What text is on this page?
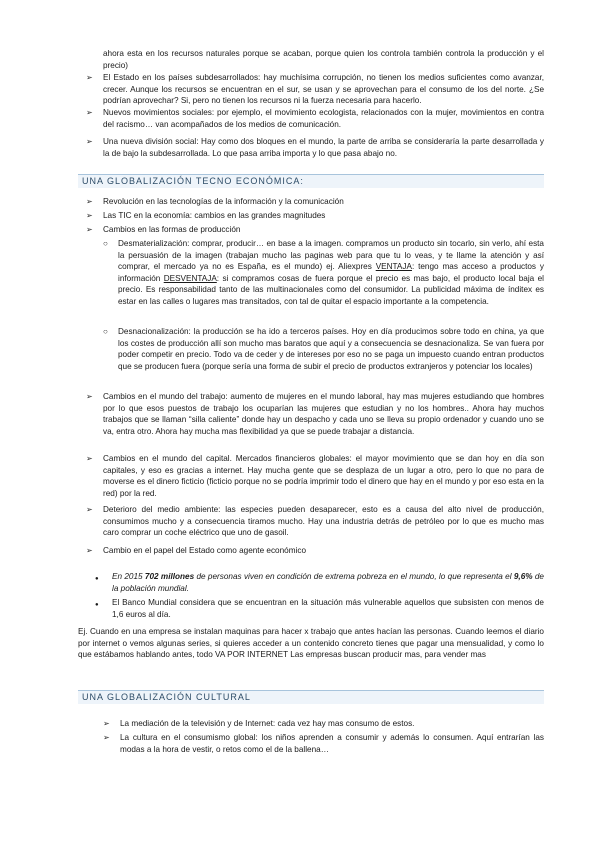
ahora esta en los recursos naturales porque se acaban, porque quien los controla también controla la producción y el precio)

➢ El Estado en los países subdesarrollados: hay muchísima corrupción, no tienen los medios suficientes como avanzar, crecer. Aunque los recursos se encuentran en el sur, se usan y se aprovechan para el consumo de los del norte. ¿Se podrían aprovechar? Si, pero no tienen los recursos ni la fuerza necesaria para hacerlo.

➢ Nuevos movimientos sociales: por ejemplo, el movimiento ecologista, relacionados con la mujer, movimientos en contra del racismo… van acompañados de los medios de comunicación.

➢ Una nueva división social: Hay como dos bloques en el mundo, la parte de arriba se consideraría la parte desarrollada y la de bajo la subdesarrollada. Lo que pasa arriba importa y lo que pasa abajo no.

UNA GLOBALIZACIÓN TECNO ECONÓMICA:
➢ Revolución en las tecnologías de la información y la comunicación

➢ Las TIC en la economía: cambios en las grandes magnitudes

➢ Cambios en las formas de producción

○ Desmaterialización: comprar, producir… en base a la imagen. compramos un producto sin tocarlo, sin verlo, ahí esta la persuasión de la imagen (trabajan mucho las paginas web para que tu lo veas, y te llame la atención y así comprar, el mercado ya no es España, es el mundo) ej. Aliexpres VENTAJA: tengo mas acceso a productos y información DESVENTAJA: si compramos cosas de fuera porque el precio es mas bajo, el producto local baja el precio. Es responsabilidad tanto de las multinacionales como del consumidor. La publicidad máxima de índitex es estar en las calles o lugares mas transitados, con tal de quitar el espacio importante a la competencia.

○ Desnacionalización: la producción se ha ido a terceros países. Hoy en día producimos sobre todo en china, ya que los costes de producción allí son mucho mas baratos que aquí y a consecuencia se desnacionaliza. Se van fuera por poder competir en precio. Todo va de ceder y de intereses por eso no se paga un impuesto cuando entran productos que se producen fuera (porque sería una forma de subir el precio de productos extranjeros y potenciar los locales)

➢ Cambios en el mundo del trabajo: aumento de mujeres en el mundo laboral, hay mas mujeres estudiando que hombres por lo que esos puestos de trabajo los ocuparían las mujeres que estudian y no los hombres.. Ahora hay muchos trabajos que se llaman “silla caliente” donde hay un despacho y cada uno se lleva su propio ordenador y cuando uno se va, entra otro. Ahora hay mucha mas flexibilidad ya que se puede trabajar a distancia.

➢ Cambios en el mundo del capital. Mercados financieros globales: el mayor movimiento que se dan hoy en día son capitales, y eso es gracias a internet. Hay mucha gente que se desplaza de un lugar a otro, pero lo que no para de moverse es el dinero ficticio (ficticio porque no se podría imprimir todo el dinero que hay en el mundo y por eso esta en la red) por la red.

➢ Deterioro del medio ambiente: las especies pueden desaparecer, esto es a causa del alto nivel de producción, consumimos mucho y a consecuencia tiramos mucho. Hay una industria detrás de petróleo por lo que es mucho mas caro comprar un coche eléctrico que uno de gasoil.

➢ Cambio en el papel del Estado como agente económico

● En 2015 702 millones de personas viven en condición de extrema pobreza en el mundo, lo que representa el 9,6% de la población mundial.

● El Banco Mundial considera que se encuentran en la situación más vulnerable aquellos que subsisten con menos de 1,6 euros al día.

Ej. Cuando en una empresa se instalan maquinas para hacer x trabajo que antes hacían las personas. Cuando leemos el diario por internet o vemos algunas series, si quieres acceder a un contenido concreto tienes que pagar una mensualidad, y como lo que estábamos hablando antes, todo VA POR INTERNET Las empresas buscan producir mas, para vender mas

UNA GLOBALIZACIÓN CULTURAL
➢ La mediación de la televisión y de Internet: cada vez hay mas consumo de estos.

➢ La cultura en el consumismo global: los niños aprenden a consumir y además lo consumen. Aquí entrarían las modas a la hora de vestir, o retos como el de la ballena…
